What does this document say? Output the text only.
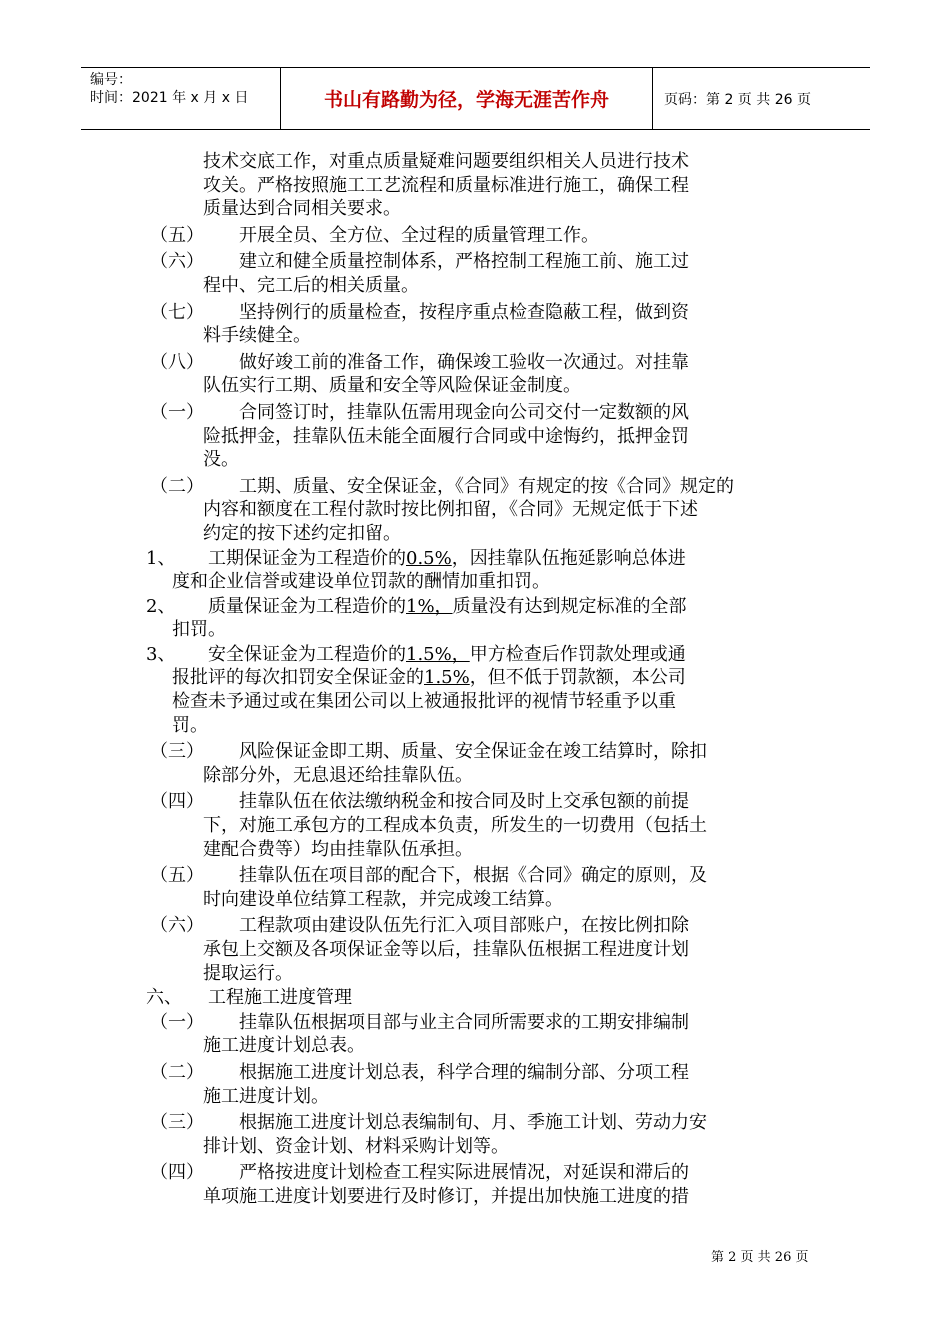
编号：
时间：2021 年 x 月 x 日	书山有路勤为径，学海无涯苦作舟	页码：第 2 页 共 26 页
技术交底工作，对重点质量疑难问题要组织相关人员进行技术
攻关。严格按照施工工艺流程和质量标准进行施工，确保工程
质量达到合同相关要求。
（五） 　　开展全员、全方位、全过程的质量管理工作。
（六）	　　建立和健全质量控制体系，严格控制工程施工前、施工过
程中、完工后的相关质量。
（七）	　　坚持例行的质量检查，按程序重点检查隐蔽工程，做到资
料手续健全。
（八）	　　做好竣工前的准备工作，确保竣工验收一次通过。对挂靠
队伍实行工期、质量和安全等风险保证金制度。
（一）	　　合同签订时，挂靠队伍需用现金向公司交付一定数额的风
险抵押金，挂靠队伍未能全面履行合同或中途悔约，抵押金罚
没。
（二）	　　工期、质量、安全保证金，《合同》有规定的按《合同》规定的
内容和额度在工程付款时按比例扣留，《合同》无规定低于下述
约定的按下述约定扣留。
1、
　　工期保证金为工程造价的0.5%，因挂靠队伍拖延影响总体进
度和企业信誉或建设单位罚款的酬情加重扣罚。
2、
　　质量保证金为工程造价的1%，质量没有达到规定标准的全部
扣罚。
3、
　　安全保证金为工程造价的1.5%，甲方检查后作罚款处理或通
报批评的每次扣罚安全保证金的1.5%，但不低于罚款额，本公司
检查未予通过或在集团公司以上被通报批评的视情节轻重予以重
罚。
（三）	　　风险保证金即工期、质量、安全保证金在竣工结算时，除扣
除部分外，无息退还给挂靠队伍。
（四）	　　挂靠队伍在依法缴纳税金和按合同及时上交承包额的前提
下，对施工承包方的工程成本负责，所发生的一切费用（包括土
建配合费等）均由挂靠队伍承担。
（五）	　　挂靠队伍在项目部的配合下，根据《合同》确定的原则，及
时向建设单位结算工程款，并完成竣工结算。
（六）	　　工程款项由建设队伍先行汇入项目部账户，在按比例扣除
承包上交额及各项保证金等以后，挂靠队伍根据工程进度计划
提取运行。
六、
　　工程施工进度管理
（一）	　　挂靠队伍根据项目部与业主合同所需要求的工期安排编制
施工进度计划总表。
（二）	　　根据施工进度计划总表，科学合理的编制分部、分项工程
施工进度计划。
（三）	　　根据施工进度计划总表编制旬、月、季施工计划、劳动力安
排计划、资金计划、材料采购计划等。
（四）	　　严格按进度计划检查工程实际进展情况，对延误和滞后的
单项施工进度计划要进行及时修订，并提出加快施工进度的措
第 2 页 共 26 页
